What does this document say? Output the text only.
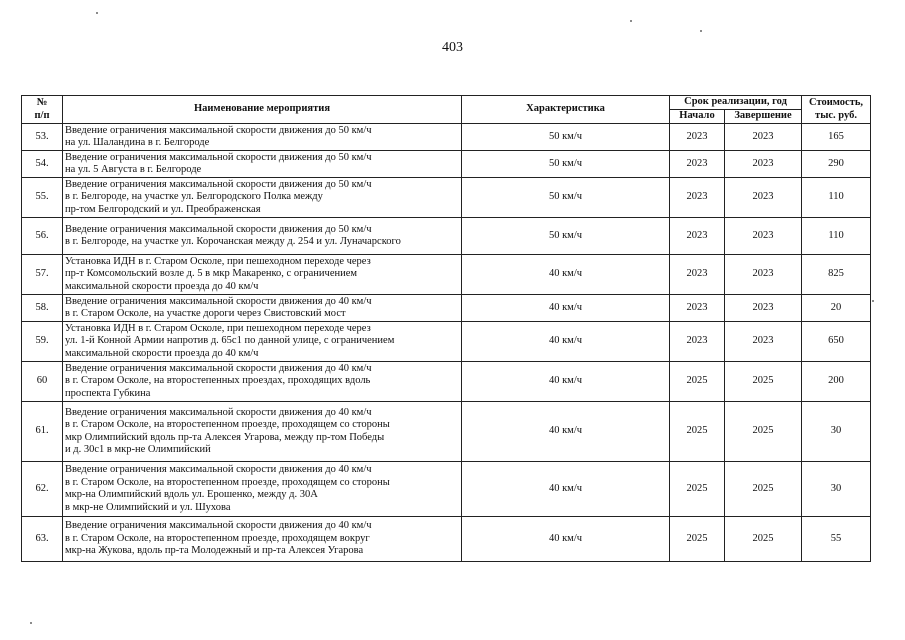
403
№
п/п	Наименование мероприятия	Характеристика	Срок реализации, год		Стоимость,
тыс. руб.
			Начало	Завершение	
53.	Введение ограничения максимальной скорости движения до 50 км/ч
на ул. Шаландина в г. Белгороде	50 км/ч	2023	2023	165
54.	Введение ограничения максимальной скорости движения до 50 км/ч
на ул. 5 Августа в г. Белгороде	50 км/ч	2023	2023	290
55.	Введение ограничения максимальной скорости движения до 50 км/ч
в г. Белгороде, на участке ул. Белгородского Полка между
пр-том Белгородский и ул. Преображенская	50 км/ч	2023	2023	110
56.	Введение ограничения максимальной скорости движения до 50 км/ч
в г. Белгороде, на участке ул. Корочанская между д. 254 и ул. Луначарского	50 км/ч	2023	2023	110
57.	Установка ИДН в г. Старом Осколе, при пешеходном переходе через
пр-т Комсомольский возле д. 5 в мкр Макаренко, с ограничением
максимальной скорости проезда до 40 км/ч	40 км/ч	2023	2023	825
58.	Введение ограничения максимальной скорости движения до 40 км/ч
в г. Старом Осколе, на участке дороги через Свистовский мост	40 км/ч	2023	2023	20
59.	Установка ИДН в г. Старом Осколе, при пешеходном переходе через
ул. 1-й Конной Армии напротив д. 65с1 по данной улице, с ограничением
максимальной скорости проезда до 40 км/ч	40 км/ч	2023	2023	650
60	Введение ограничения максимальной скорости движения до 40 км/ч
в г. Старом Осколе, на второстепенных проездах, проходящих вдоль
проспекта Губкина	40 км/ч	2025	2025	200
61.	Введение ограничения максимальной скорости движения до 40 км/ч
в г. Старом Осколе, на второстепенном проезде, проходящем со стороны
мкр Олимпийский вдоль пр-та Алексея Угарова, между пр-том Победы
и д. 30с1 в мкр-не Олимпийский	40 км/ч	2025	2025	30
62.	Введение ограничения максимальной скорости движения до 40 км/ч
в г. Старом Осколе, на второстепенном проезде, проходящем со стороны
мкр-на Олимпийский вдоль ул. Ерошенко, между д. 30А
в мкр-не Олимпийский и ул. Шухова	40 км/ч	2025	2025	30
63.	Введение ограничения максимальной скорости движения до 40 км/ч
в г. Старом Осколе, на второстепенном проезде, проходящем вокруг
мкр-на Жукова, вдоль пр-та Молодежный и пр-та Алексея Угарова	40 км/ч	2025	2025	55
